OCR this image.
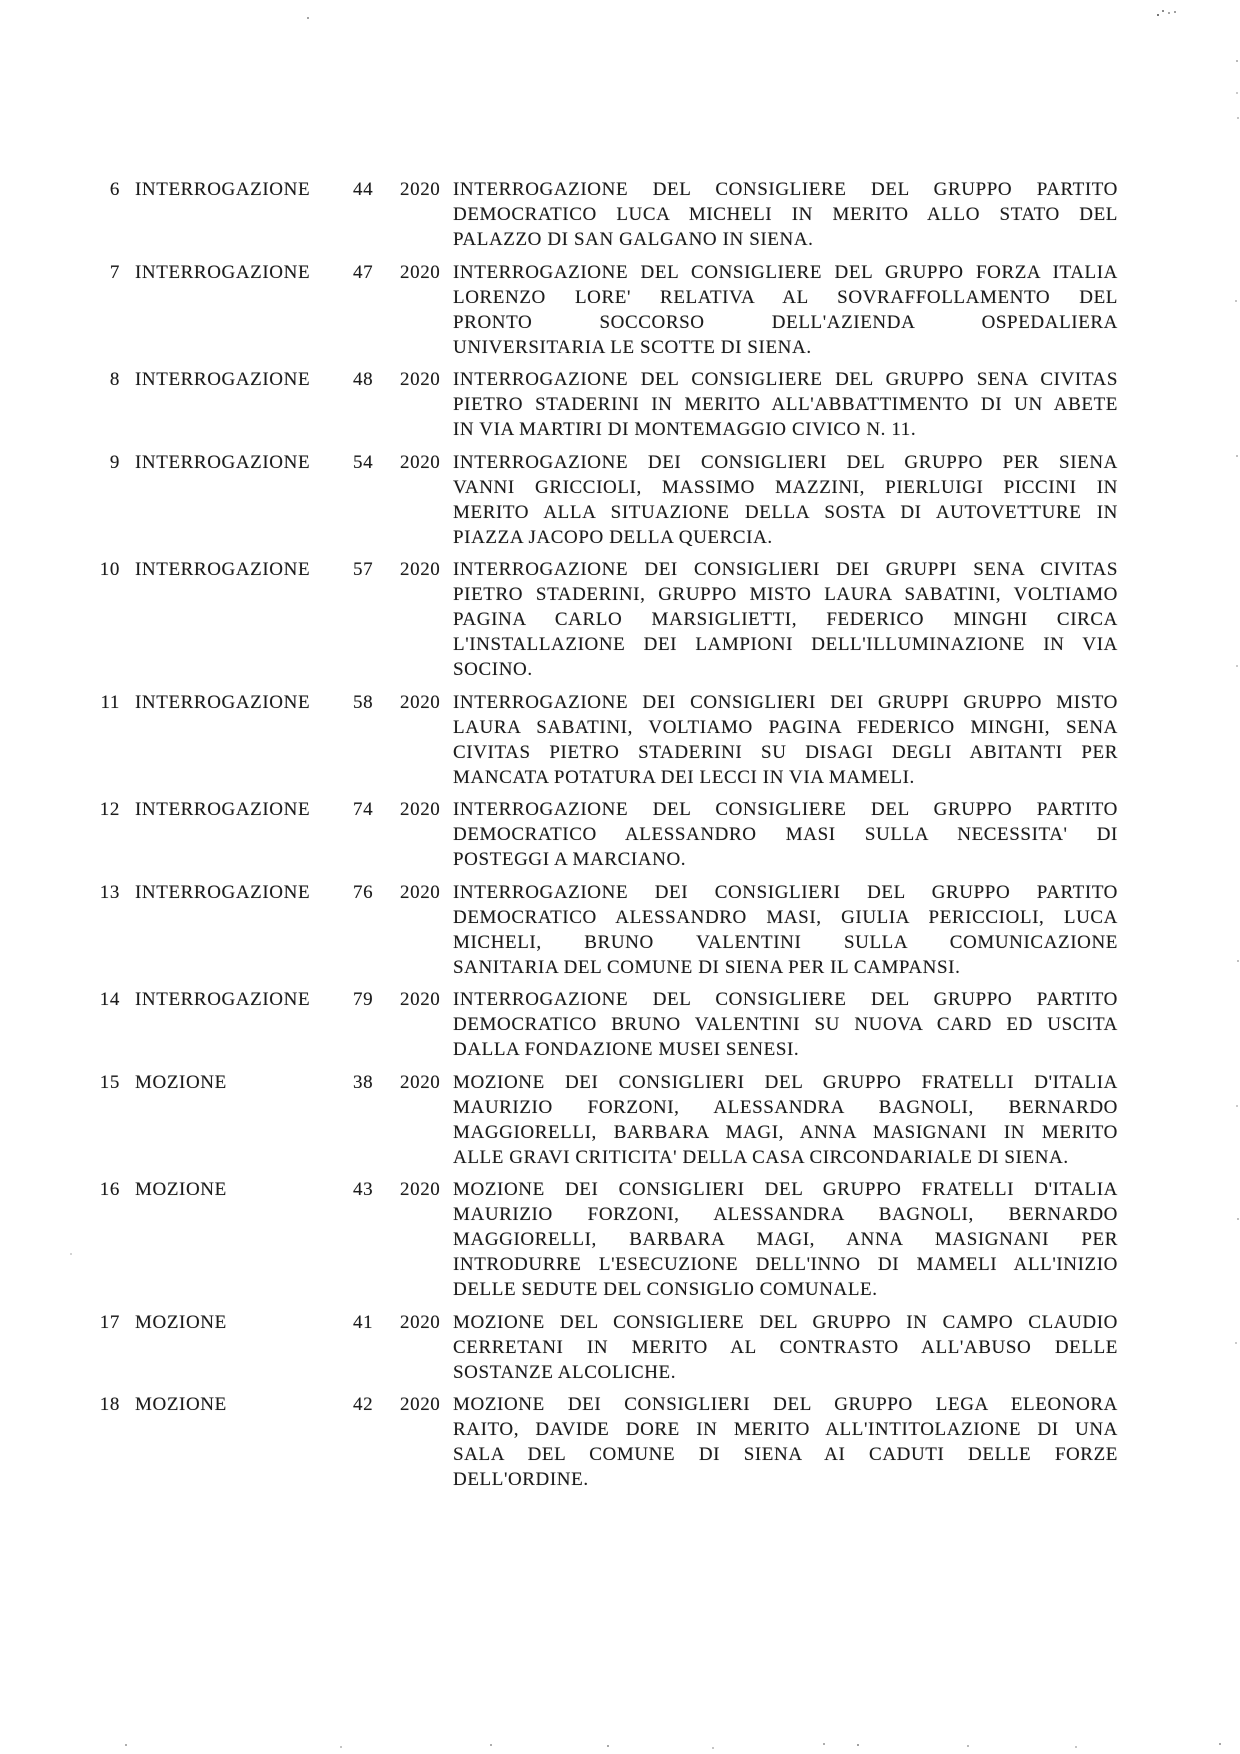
6 INTERROGAZIONE	44 2020 INTERROGAZIONE DEL CONSIGLIERE DEL GRUPPO PARTITO
DEMOCRATICO LUCA MICHELI IN MERITO ALLO STATO DEL
PALAZZO DI SAN GALGANO IN SIENA.
7 INTERROGAZIONE	47 2020 INTERROGAZIONE DEL CONSIGLIERE DEL GRUPPO FORZA ITALIA
LORENZO LORE' RELATIVA AL SOVRAFFOLLAMENTO DEL
PRONTO SOCCORSO DELL'AZIENDA OSPEDALIERA
UNIVERSITARIA LE SCOTTE DI SIENA.
8 INTERROGAZIONE	48 2020 INTERROGAZIONE DEL CONSIGLIERE DEL GRUPPO SENA CIVITAS
PIETRO STADERINI IN MERITO ALL'ABBATTIMENTO DI UN ABETE
IN VIA MARTIRI DI MONTEMAGGIO CIVICO N. 11.
9 INTERROGAZIONE	54 2020 INTERROGAZIONE DEI CONSIGLIERI DEL GRUPPO PER SIENA
VANNI GRICCIOLI, MASSIMO MAZZINI, PIERLUIGI PICCINI IN
MERITO ALLA SITUAZIONE DELLA SOSTA DI AUTOVETTURE IN
PIAZZA JACOPO DELLA QUERCIA.
10 INTERROGAZIONE	57 2020 INTERROGAZIONE DEI CONSIGLIERI DEI GRUPPI SENA CIVITAS
PIETRO STADERINI, GRUPPO MISTO LAURA SABATINI, VOLTIAMO
PAGINA CARLO MARSIGLIETTI, FEDERICO MINGHI CIRCA
L'INSTALLAZIONE DEI LAMPIONI DELL'ILLUMINAZIONE IN VIA
SOCINO.
11 INTERROGAZIONE	58 2020 INTERROGAZIONE DEI CONSIGLIERI DEI GRUPPI GRUPPO MISTO
LAURA SABATINI, VOLTIAMO PAGINA FEDERICO MINGHI, SENA
CIVITAS PIETRO STADERINI SU DISAGI DEGLI ABITANTI PER
MANCATA POTATURA DEI LECCI IN VIA MAMELI.
12 INTERROGAZIONE	74 2020 INTERROGAZIONE DEL CONSIGLIERE DEL GRUPPO PARTITO
DEMOCRATICO ALESSANDRO MASI SULLA NECESSITA' DI
POSTEGGI A MARCIANO.
13 INTERROGAZIONE	76 2020 INTERROGAZIONE DEI CONSIGLIERI DEL GRUPPO PARTITO
DEMOCRATICO ALESSANDRO MASI, GIULIA PERICCIOLI, LUCA
MICHELI, BRUNO VALENTINI SULLA COMUNICAZIONE
SANITARIA DEL COMUNE DI SIENA PER IL CAMPANSI.
14 INTERROGAZIONE	79 2020 INTERROGAZIONE DEL CONSIGLIERE DEL GRUPPO PARTITO
DEMOCRATICO BRUNO VALENTINI SU NUOVA CARD ED USCITA
DALLA FONDAZIONE MUSEI SENESI.
15 MOZIONE	38 2020 MOZIONE DEI CONSIGLIERI DEL GRUPPO FRATELLI D'ITALIA
MAURIZIO FORZONI, ALESSANDRA BAGNOLI, BERNARDO
MAGGIORELLI, BARBARA MAGI, ANNA MASIGNANI IN MERITO
ALLE GRAVI CRITICITA' DELLA CASA CIRCONDARIALE DI SIENA.
16 MOZIONE	43 2020 MOZIONE DEI CONSIGLIERI DEL GRUPPO FRATELLI D'ITALIA
MAURIZIO FORZONI, ALESSANDRA BAGNOLI, BERNARDO
MAGGIORELLI, BARBARA MAGI, ANNA MASIGNANI PER
INTRODURRE L'ESECUZIONE DELL'INNO DI MAMELI ALL'INIZIO
DELLE SEDUTE DEL CONSIGLIO COMUNALE.
17 MOZIONE	41 2020 MOZIONE DEL CONSIGLIERE DEL GRUPPO IN CAMPO CLAUDIO
CERRETANI IN MERITO AL CONTRASTO ALL'ABUSO DELLE
SOSTANZE ALCOLICHE.
18 MOZIONE	42 2020 MOZIONE DEI CONSIGLIERI DEL GRUPPO LEGA ELEONORA
RAITO, DAVIDE DORE IN MERITO ALL'INTITOLAZIONE DI UNA
SALA DEL COMUNE DI SIENA AI CADUTI DELLE FORZE
DELL'ORDINE.
